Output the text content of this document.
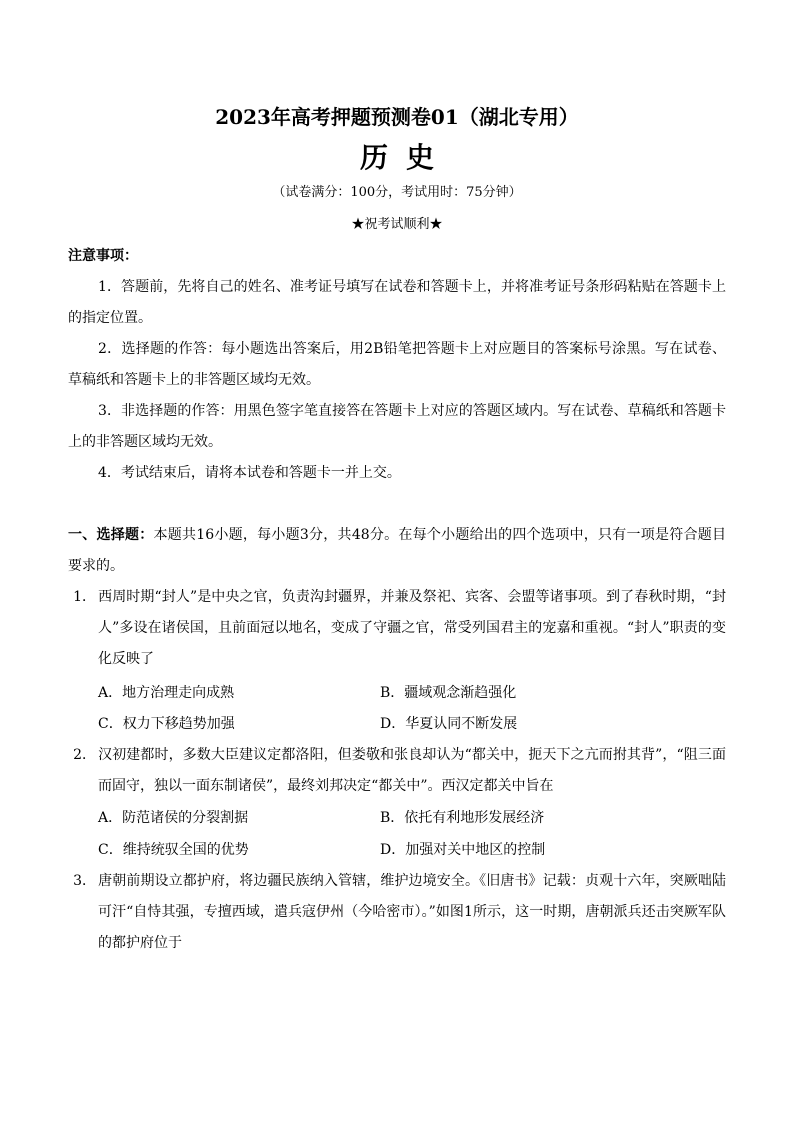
2023年高考押题预测卷01（湖北专用）
历史
（试卷满分：100分，考试用时：75分钟）
★祝考试顺利★
注意事项：
1．答题前，先将自己的姓名、准考证号填写在试卷和答题卡上，并将准考证号条形码粘贴在答题卡上的指定位置。
2．选择题的作答：每小题选出答案后，用2B铅笔把答题卡上对应题目的答案标号涂黑。写在试卷、草稿纸和答题卡上的非答题区域均无效。
3．非选择题的作答：用黑色签字笔直接答在答题卡上对应的答题区域内。写在试卷、草稿纸和答题卡上的非答题区域均无效。
4．考试结束后，请将本试卷和答题卡一并上交。
一、选择题：本题共16小题，每小题3分，共48分。在每个小题给出的四个选项中，只有一项是符合题目要求的。
1． 西周时期“封人”是中央之官，负责沟封疆界，并兼及祭祀、宾客、会盟等诸事项。到了春秋时期，“封人”多设在诸侯国，且前面冠以地名，变成了守疆之官，常受列国君主的宠嘉和重视。“封人”职责的变化反映了
A．地方治理走向成熟	B．疆域观念渐趋强化
C．权力下移趋势加强	D．华夏认同不断发展
2． 汉初建都时，多数大臣建议定都洛阳，但娄敬和张良却认为“都关中，扼天下之亢而拊其背”，“阻三面而固守，独以一面东制诸侯”，最终刘邦决定“都关中”。西汉定都关中旨在
A．防范诸侯的分裂割据	B．依托有利地形发展经济
C．维持统驭全国的优势	D．加强对关中地区的控制
3． 唐朝前期设立都护府，将边疆民族纳入管辖，维护边境安全。《旧唐书》记载：贞观十六年，突厥咄陆可汗“自恃其强，专擅西域，遣兵寇伊州（今哈密市）。”如图1所示，这一时期，唐朝派兵还击突厥军队的都护府位于
